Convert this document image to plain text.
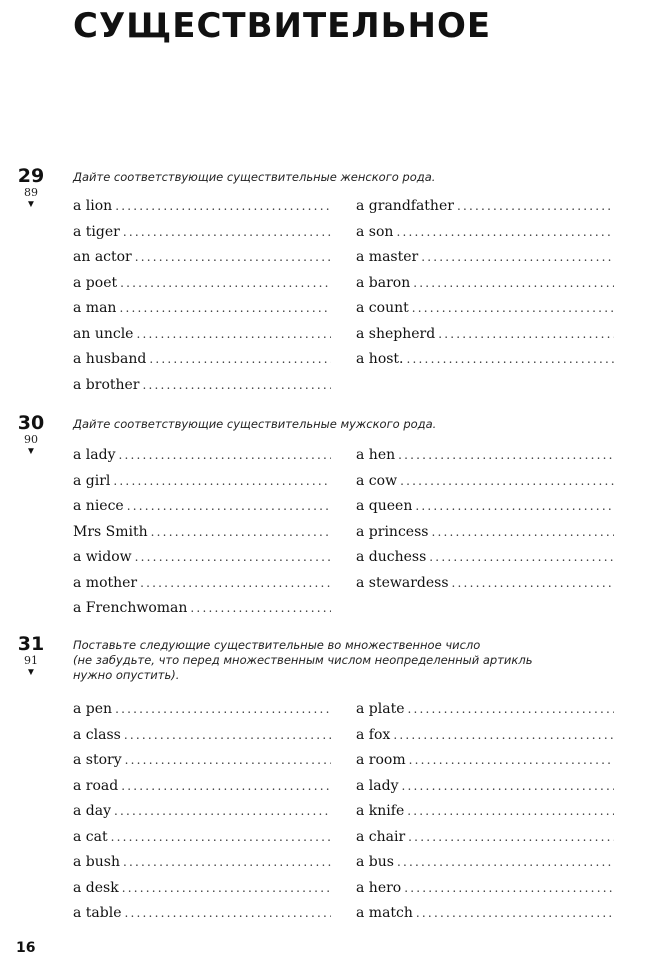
СУЩЕСТВИТЕЛЬНОЕ
29
89
▼
Дайте соответствующие существительные женского рода.
a lion
.....
a tiger
.....
an actor
.....
a poet
.....
a man
.....
an uncle
.....
a husband
.....
a brother
.....
a grandfather
.....
a son
.....
a master
.....
a baron
.....
a count
.....
a shepherd
.....
a host.
.....
30
90
▼
Дайте соответствующие существительные мужского рода.
a lady
.....
a girl
.....
a niece
.....
Mrs Smith
.....
a widow
.....
a mother
.....
a Frenchwoman
.....
a hen
.....
a cow
.....
a queen
.....
a princess
.....
a duchess
.....
a stewardess
.....
31
91
▼
Поставьте следующие существительные во множественное число
(не забудьте, что перед множественным числом неопределенный артикль
нужно опустить).
a pen
.....
a class
.....
a story
.....
a road
.....
a day
.....
a cat
.....
a bush
.....
a desk
.....
a table
.....
a plate
.....
a fox
.....
a room
.....
a lady
.....
a knife
.....
a chair
.....
a bus
.....
a hero
.....
a match
.....
16
